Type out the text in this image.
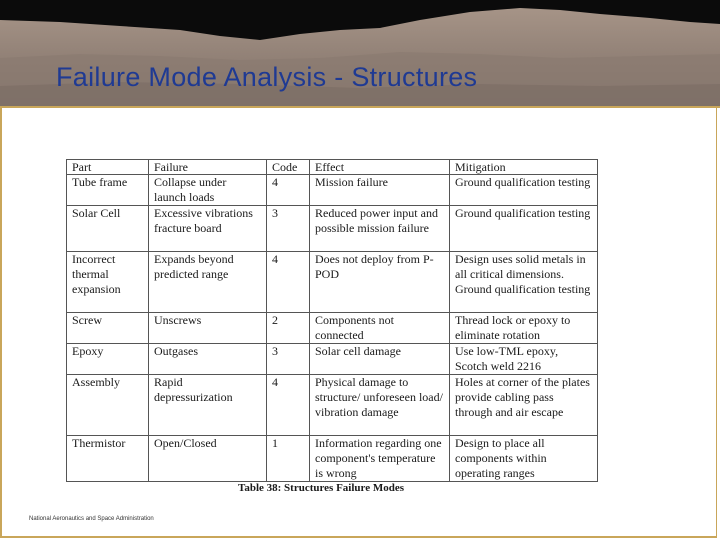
Failure Mode Analysis - Structures
Part	Failure	Code	Effect	Mitigation
Tube frame	Collapse under launch loads	4	Mission failure	Ground qualification testing
Solar Cell	Excessive vibrations fracture board	3	Reduced power input and possible mission failure	Ground qualification testing
Incorrect thermal expansion	Expands beyond predicted range	4	Does not deploy from P-POD	Design uses solid metals in all critical dimensions. Ground qualification testing
Screw	Unscrews	2	Components not connected	Thread lock or epoxy to eliminate rotation
Epoxy	Outgases	3	Solar cell damage	Use low-TML epoxy, Scotch weld 2216
Assembly	Rapid depressurization	4	Physical damage to structure/ unforeseen load/ vibration damage	Holes at corner of the plates provide cabling pass through and air escape
Thermistor	Open/Closed	1	Information regarding one component's temperature is wrong	Design to place all components within operating ranges
Table 38: Structures Failure Modes
National Aeronautics and Space Administration
